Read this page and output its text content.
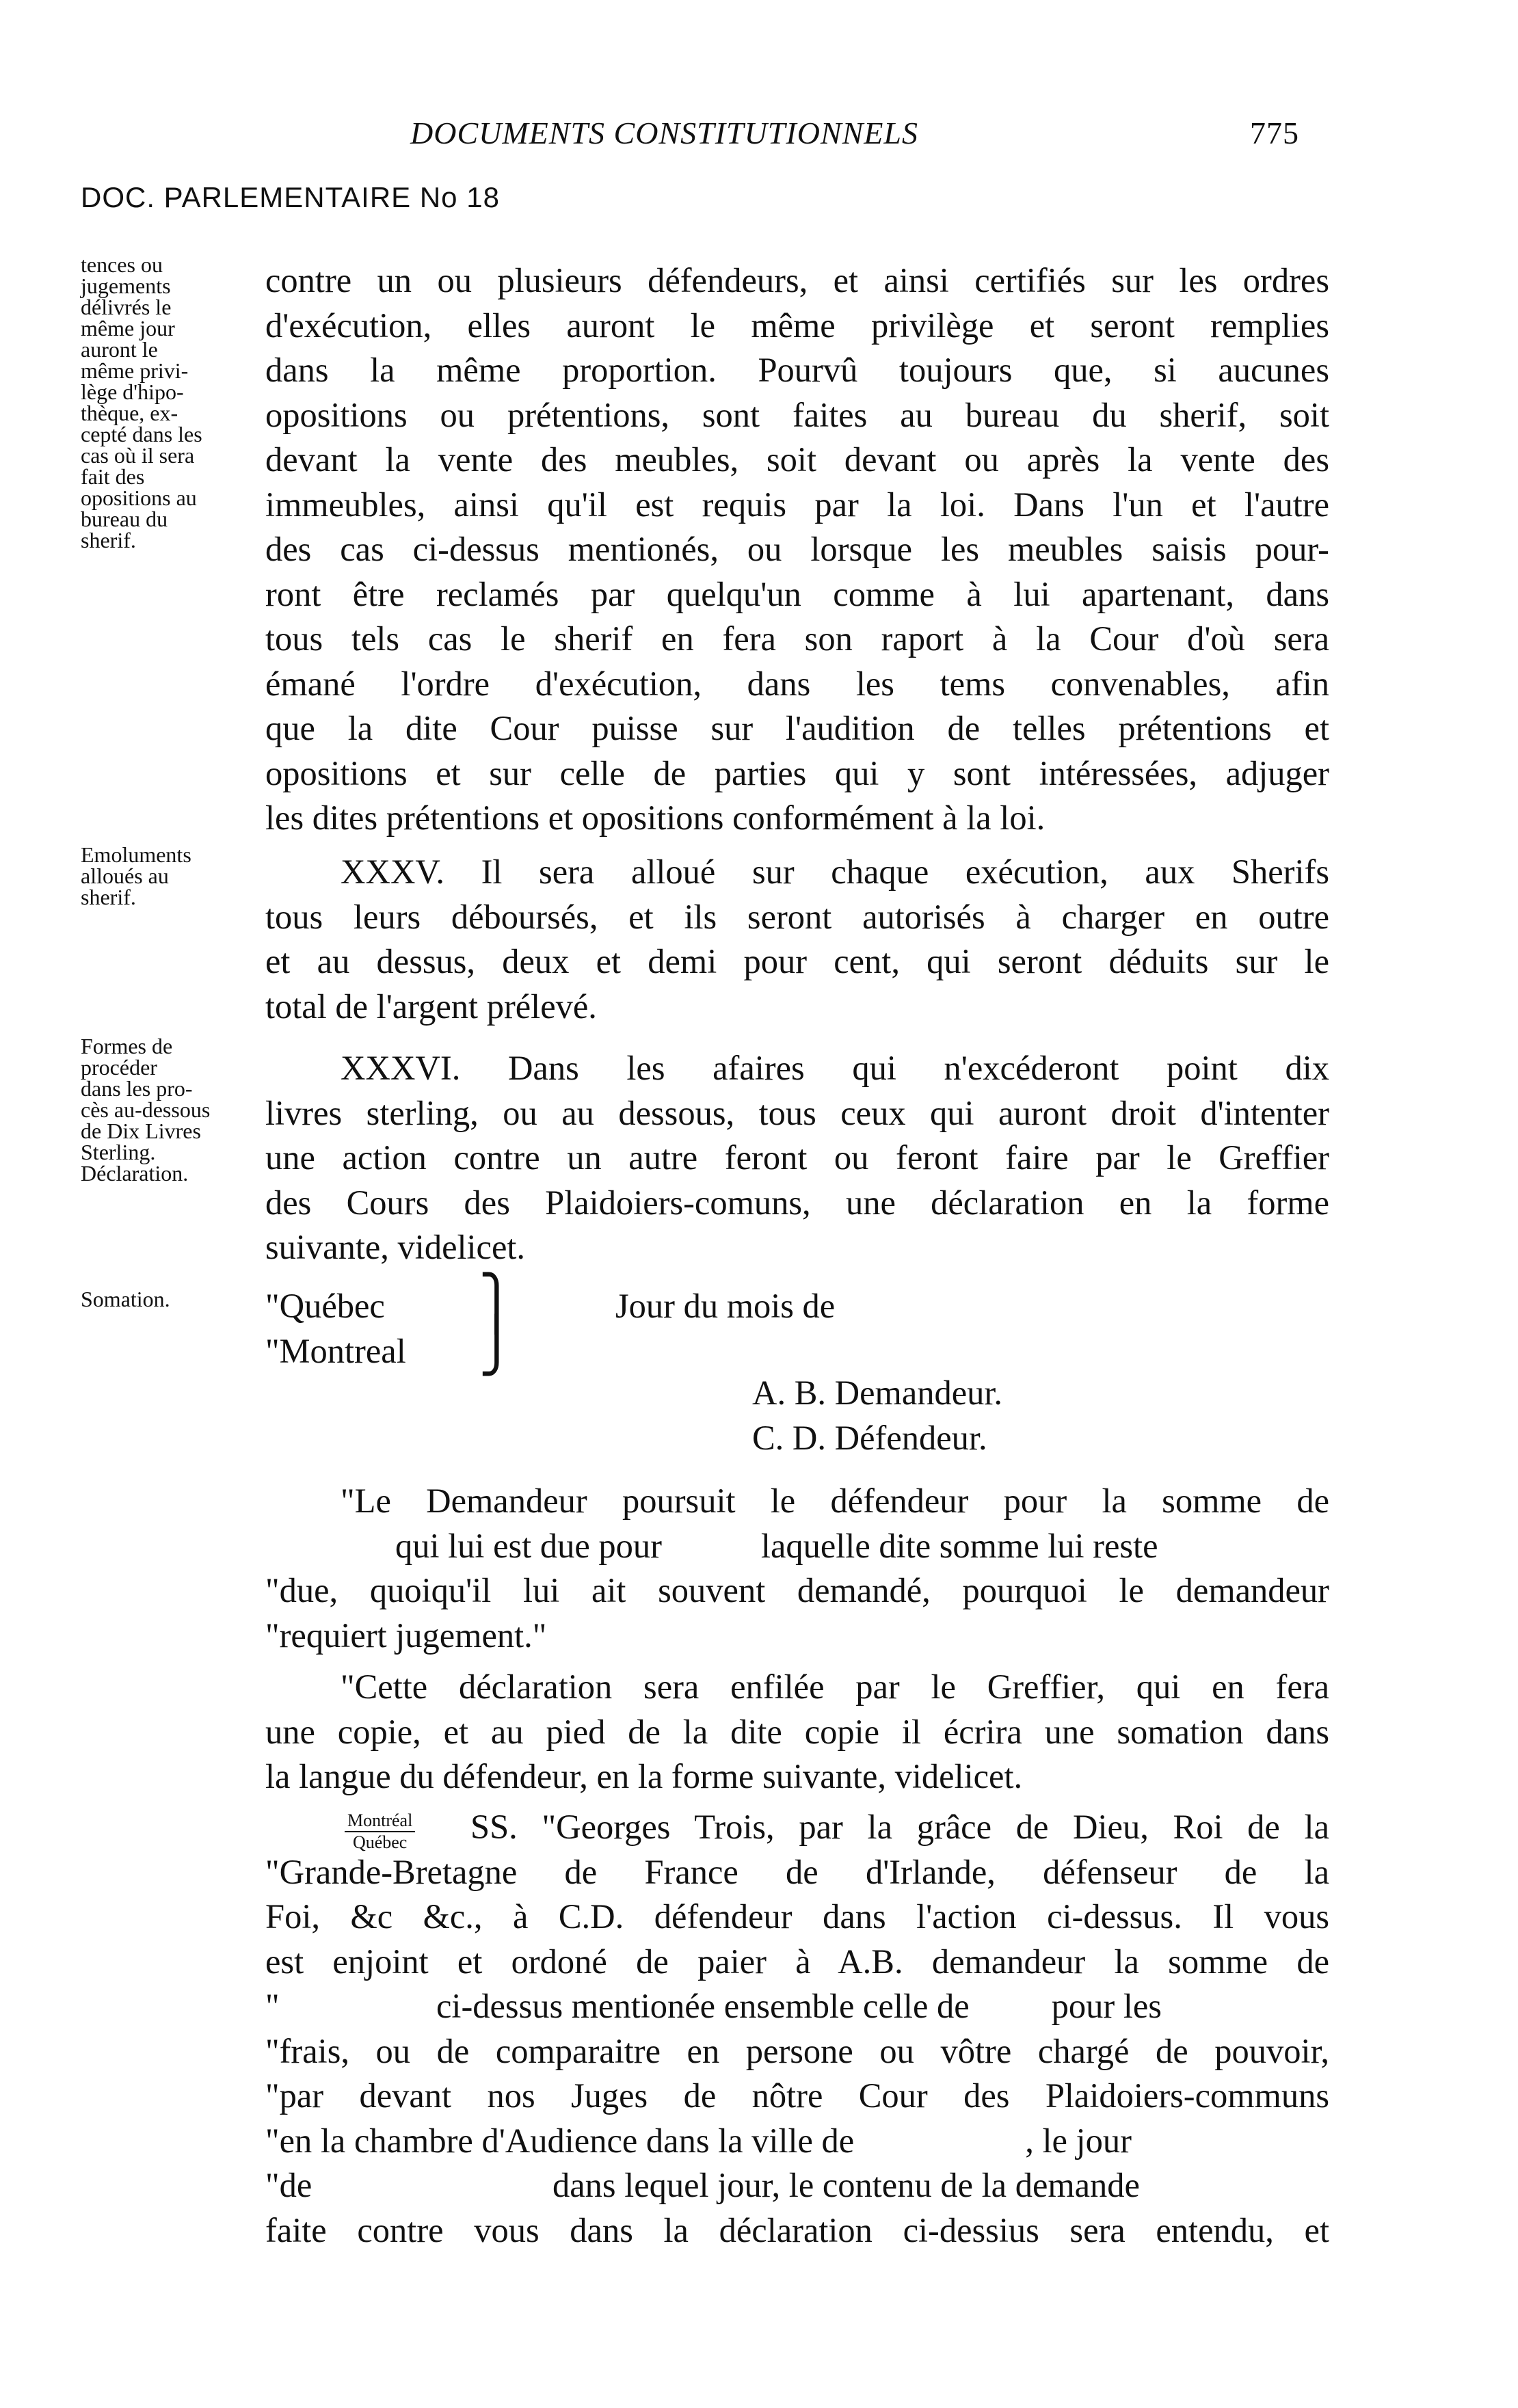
DOCUMENTS CONSTITUTIONNELS	775
DOC. PARLEMENTAIRE No 18
tences ou
jugements
délivrés le
même jour
auront le
même privi-
lège d'hipo-
thèque, ex-
cepté dans les
cas où il sera
fait des
opositions au
bureau du
sherif.
Emoluments
alloués au
sherif.
Formes de
procéder
dans les pro-
cès au-dessous
de Dix Livres
Sterling.
Déclaration.
Somation.
contre un ou plusieurs défendeurs, et ainsi certifiés sur les ordres
d'exécution, elles auront le même privilège et seront remplies
dans la même proportion. Pourvû toujours que, si aucunes
opositions ou prétentions, sont faites au bureau du sherif, soit
devant la vente des meubles, soit devant ou après la vente des
immeubles, ainsi qu'il est requis par la loi. Dans l'un et l'autre
des cas ci-dessus mentionés, ou lorsque les meubles saisis pour-
ront être reclamés par quelqu'un comme à lui apartenant, dans
tous tels cas le sherif en fera son raport à la Cour d'où sera
émané l'ordre d'exécution, dans les tems convenables, afin
que la dite Cour puisse sur l'audition de telles prétentions et
opositions et sur celle de parties qui y sont intéressées, adjuger
les dites prétentions et opositions conformément à la loi.
XXXV. Il sera alloué sur chaque exécution, aux Sherifs
tous leurs déboursés, et ils seront autorisés à charger en outre
et au dessus, deux et demi pour cent, qui seront déduits sur le
total de l'argent prélevé.
XXXVI. Dans les afaires qui n'excéderont point dix
livres sterling, ou au dessous, tous ceux qui auront droit d'intenter
une action contre un autre feront ou feront faire par le Greffier
des Cours des Plaidoiers-comuns, une déclaration en la forme
suivante, videlicet.
"Québec
"Montreal
⎫
⎭
Jour du mois de
A. B. Demandeur.
C. D. Défendeur.
"Le Demandeur poursuit le défendeur pour la somme de
qui lui est due pour	laquelle dite somme lui reste
"due, quoiqu'il lui ait souvent demandé, pourquoi le demandeur
"requiert jugement."
"Cette déclaration sera enfilée par le Greffier, qui en fera
une copie, et au pied de la dite copie il écrira une somation dans
la langue du défendeur, en la forme suivante, videlicet.
Montréal
Québec	SS. "Georges Trois, par la grâce de Dieu, Roi de la
"Grande-Bretagne de France de d'Irlande, défenseur de la
Foi, &c &c., à C.D. défendeur dans l'action ci-dessus. Il vous
est enjoint et ordoné de paier à A.B. demandeur la somme de
"	ci-dessus mentionée ensemble celle de pour les
"frais, ou de comparaitre en persone ou vôtre chargé de pouvoir,
"par devant nos Juges de nôtre Cour des Plaidoiers-communs
"en la chambre d'Audience dans la ville de	, le jour
"de	dans lequel jour, le contenu de la demande
faite contre vous dans la déclaration ci-dessius sera entendu, et
